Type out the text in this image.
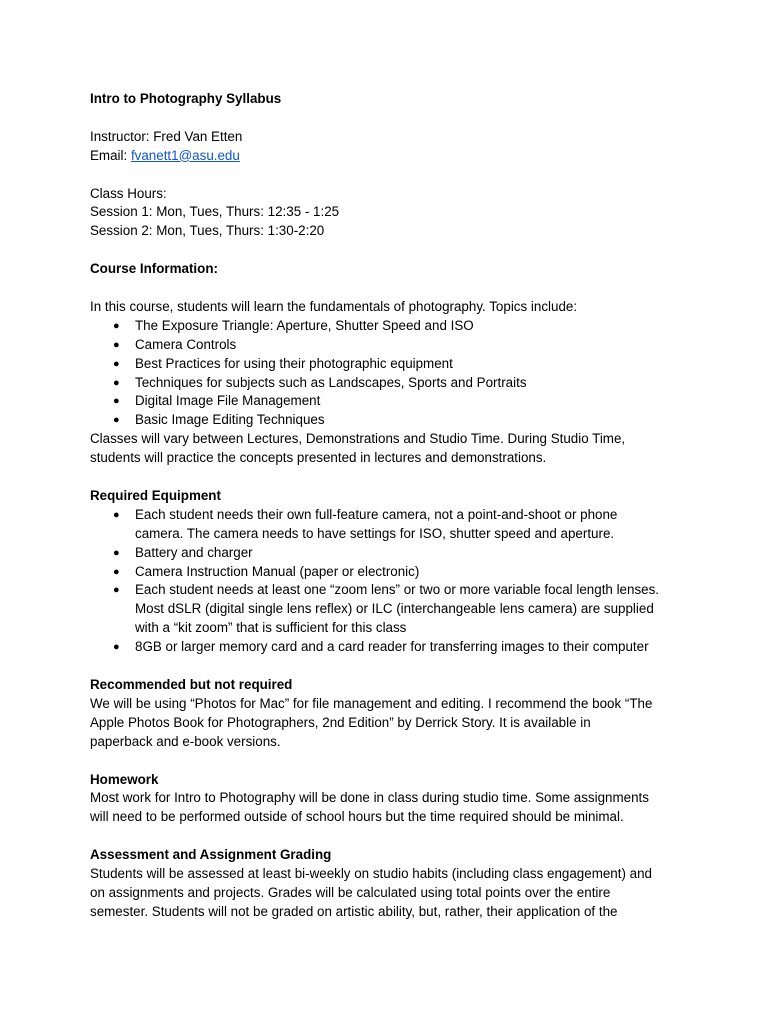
Intro to Photography Syllabus

Instructor: Fred Van Etten

Email: fvanett1@asu.edu

Class Hours:

Session 1: Mon, Tues, Thurs: 12:35 - 1:25

Session 2: Mon, Tues, Thurs: 1:30-2:20

Course Information:

In this course, students will learn the fundamentals of photography. Topics include:

● The Exposure Triangle: Aperture, Shutter Speed and ISO
● Camera Controls
● Best Practices for using their photographic equipment
● Techniques for subjects such as Landscapes, Sports and Portraits
● Digital Image File Management
● Basic Image Editing Techniques

Classes will vary between Lectures, Demonstrations and Studio Time. During Studio Time,

students will practice the concepts presented in lectures and demonstrations.

Required Equipment

● Each student needs their own full-feature camera, not a point-and-shoot or phone
camera. The camera needs to have settings for ISO, shutter speed and aperture.
● Battery and charger
● Camera Instruction Manual (paper or electronic)
● Each student needs at least one “zoom lens” or two or more variable focal length lenses.
Most dSLR (digital single lens reflex) or ILC (interchangeable lens camera) are supplied
with a “kit zoom” that is sufficient for this class
● 8GB or larger memory card and a card reader for transferring images to their computer

Recommended but not required

We will be using “Photos for Mac” for file management and editing. I recommend the book “The

Apple Photos Book for Photographers, 2nd Edition” by Derrick Story. It is available in

paperback and e-book versions.

Homework

Most work for Intro to Photography will be done in class during studio time. Some assignments

will need to be performed outside of school hours but the time required should be minimal.

Assessment and Assignment Grading

Students will be assessed at least bi-weekly on studio habits (including class engagement) and

on assignments and projects. Grades will be calculated using total points over the entire

semester. Students will not be graded on artistic ability, but, rather, their application of the
